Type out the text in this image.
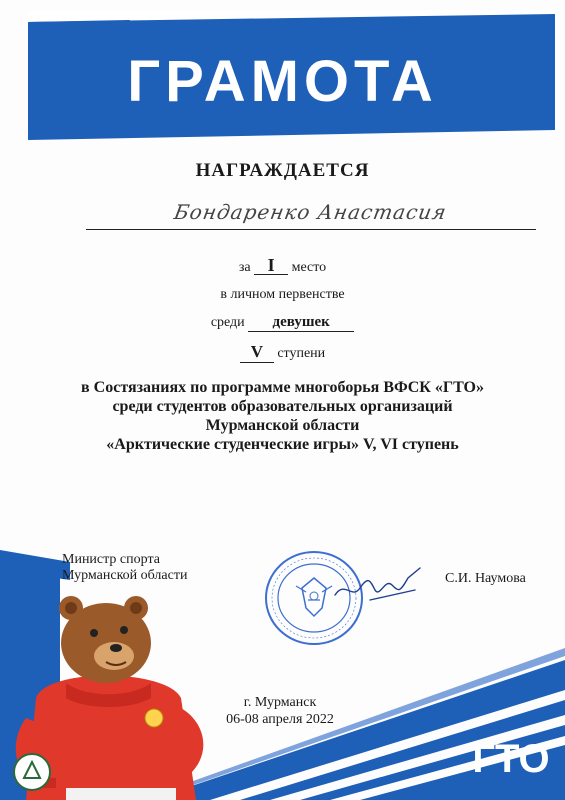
ГРАМОТА
НАГРАЖДАЕТСЯ
Бондаренко Анастасия
за I место
в личном первенстве
среди девушек
V ступени
в Состязаниях по программе многоборья ВФСК «ГТО»
среди студентов образовательных организаций
Мурманской области
«Арктические студенческие игры» V, VI ступень
Министр спорта
Мурманской области	С.И. Наумова
г. Мурманск
06-08 апреля 2022
ГТО
